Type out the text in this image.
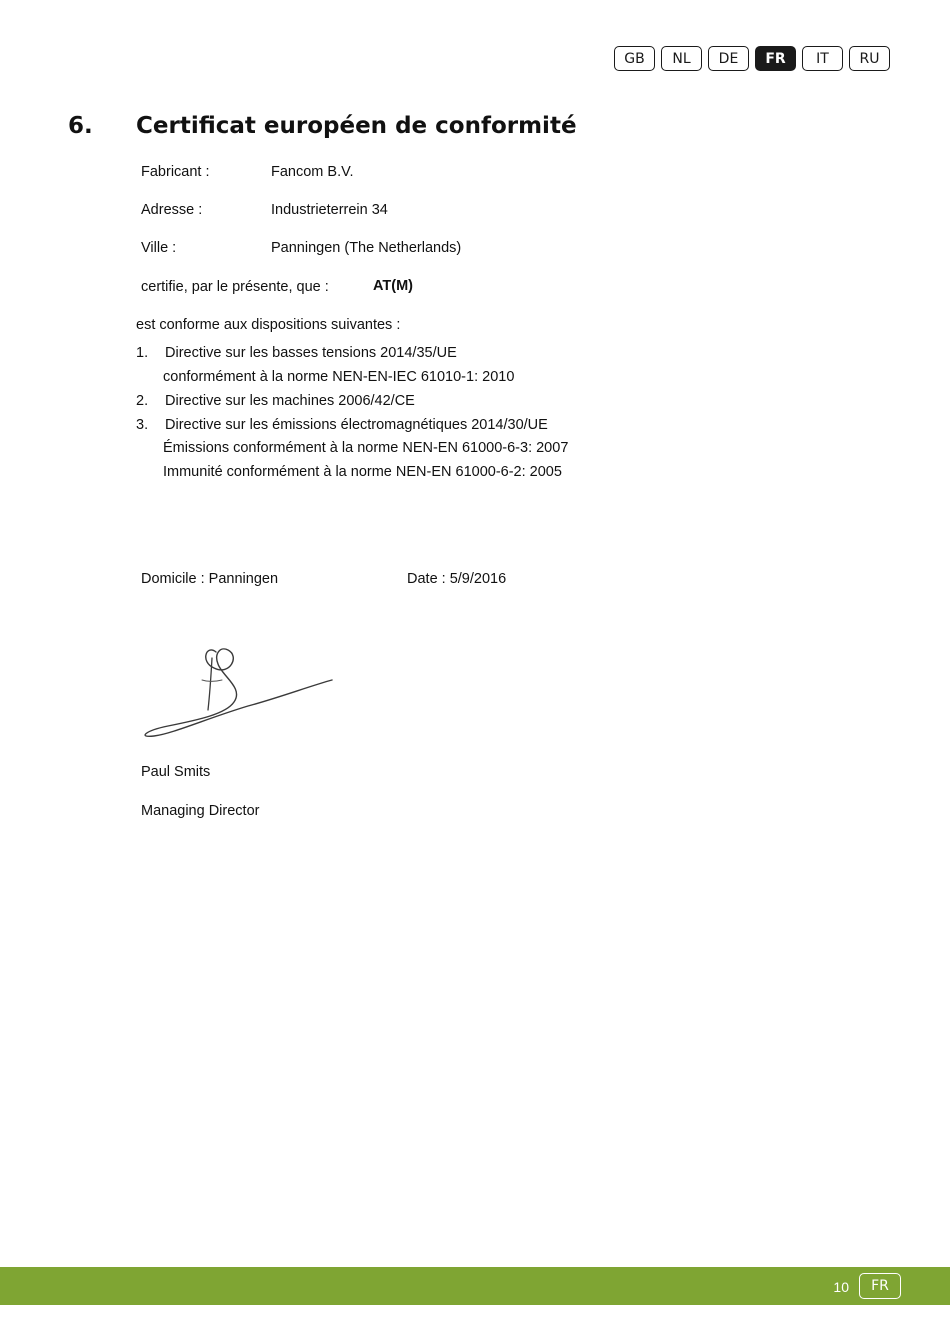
GB	NL	DE	FR	IT	RU
6.	Certificat européen de conformité
Fabricant :	Fancom B.V.
Adresse :	Industrieterrein 34
Ville :	Panningen (The Netherlands)
certifie, par le présente, que :	AT(M)
est conforme aux dispositions suivantes :
1. Directive sur les basses tensions 2014/35/UE
conformément à la norme NEN-EN-IEC 61010-1: 2010
2. Directive sur les machines 2006/42/CE
3. Directive sur les émissions électromagnétiques 2014/30/UE
Émissions conformément à la norme NEN-EN 61000-6-3: 2007
Immunité conformément à la norme NEN-EN 61000-6-2: 2005
Domicile : Panningen	Date : 5/9/2016
Paul Smits
Managing Director
10	FR
